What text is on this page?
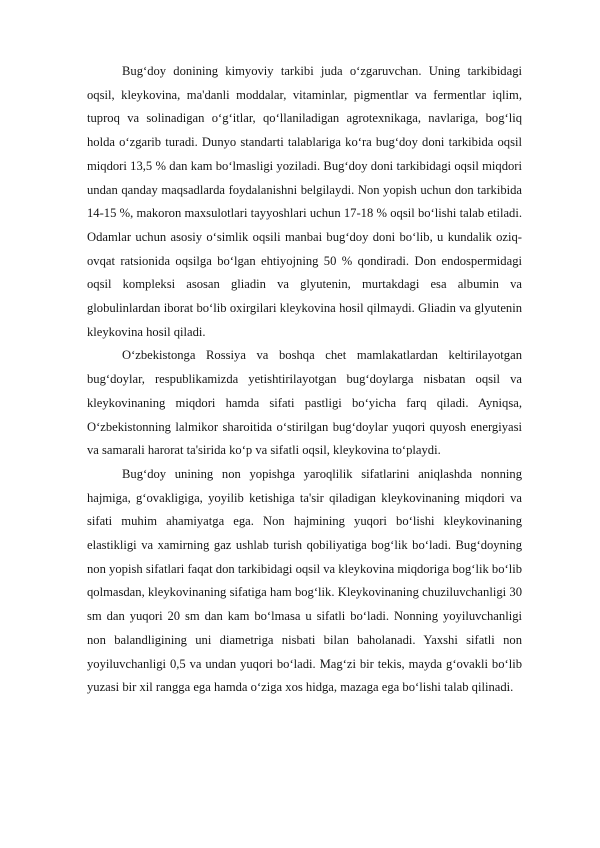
Bug‘doy donining kimyoviy tarkibi juda o‘zgaruvchan. Uning tarkibidagi oqsil, kleykovina, ma'danli moddalar, vitaminlar, pigmentlar va fermentlar iqlim, tuproq va solinadigan o‘g‘itlar, qo‘llaniladigan agrotexnikaga, navlariga, bog‘liq holda o‘zgarib turadi. Dunyo standarti talablariga ko‘ra bug‘doy doni tarkibida oqsil miqdori 13,5 % dan kam bo‘lmasligi yoziladi. Bug‘doy doni tarkibidagi oqsil miqdori undan qanday maqsadlarda foydalanishni belgilaydi. Non yopish uchun don tarkibida 14-15 %, makoron maxsulotlari tayyoshlari uchun 17-18 % oqsil bo‘lishi talab etiladi. Odamlar uchun asosiy o‘simlik oqsili manbai bug‘doy doni bo‘lib, u kundalik oziq-ovqat ratsionida oqsilga bo‘lgan ehtiyojning 50 % qondiradi. Don endospermidagi oqsil kompleksi asosan gliadin va glyutenin, murtakdagi esa albumin va globulinlardan iborat bo‘lib oxirgilari kleykovina hosil qilmaydi. Gliadin va glyutenin kleykovina hosil qiladi.

O‘zbekistonga Rossiya va boshqa chet mamlakatlardan keltirilayotgan bug‘doylar, respublikamizda yetishtirilayotgan bug‘doylarga nisbatan oqsil va kleykovinaning miqdori hamda sifati pastligi bo‘yicha farq qiladi. Ayniqsa, O‘zbekistonning lalmikor sharoitida o‘stirilgan bug‘doylar yuqori quyosh energiyasi va samarali harorat ta'sirida ko‘p va sifatli oqsil, kleykovina to‘playdi.

Bug‘doy unining non yopishga yaroqlilik sifatlarini aniqlashda nonning hajmiga, g‘ovakligiga, yoyilib ketishiga ta'sir qiladigan kleykovinaning miqdori va sifati muhim ahamiyatga ega. Non hajmining yuqori bo‘lishi kleykovinaning elastikligi va xamirning gaz ushlab turish qobiliyatiga bog‘lik bo‘ladi. Bug‘doyning non yopish sifatlari faqat don tarkibidagi oqsil va kleykovina miqdoriga bog‘lik bo‘lib qolmasdan, kleykovinaning sifatiga ham bog‘lik. Kleykovinaning chuziluvchanligi 30 sm dan yuqori 20 sm dan kam bo‘lmasa u sifatli bo‘ladi. Nonning yoyiluvchanligi non balandligining uni diametriga nisbati bilan baholanadi. Yaxshi sifatli non yoyiluvchanligi 0,5 va undan yuqori bo‘ladi. Mag‘zi bir tekis, mayda g‘ovakli bo‘lib yuzasi bir xil rangga ega hamda o‘ziga xos hidga, mazaga ega bo‘lishi talab qilinadi.
